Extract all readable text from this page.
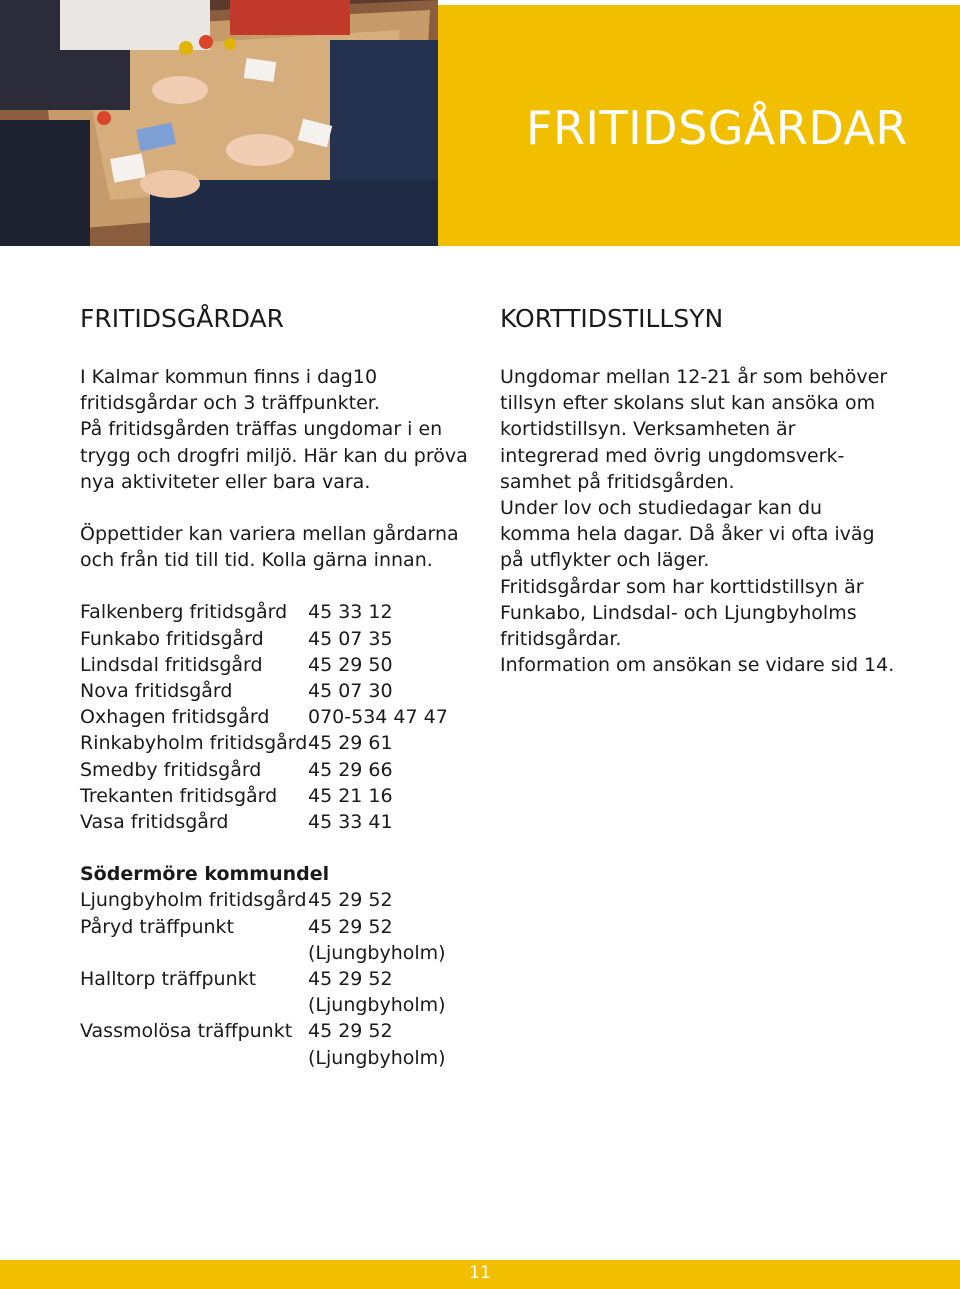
FRITIDSGÅRDAR
FRITIDSGÅRDAR

I Kalmar kommun finns i dag10
fritidsgårdar och 3 träffpunkter.
På fritidsgården träffas ungdomar i en
trygg och drogfri miljö. Här kan du pröva
nya aktiviteter eller bara vara.

Öppettider kan variera mellan gårdarna
och från tid till tid. Kolla gärna innan.

Falkenberg fritidsgård	45 33 12
Funkabo fritidsgård	45 07 35
Lindsdal fritidsgård	45 29 50
Nova fritidsgård	45 07 30
Oxhagen fritidsgård	070-534 47 47
Rinkabyholm fritidsgård	45 29 61
Smedby fritidsgård	45 29 66
Trekanten fritidsgård	45 21 16
Vasa fritidsgård	45 33 41
Södermöre kommundel
Ljungbyholm fritidsgård	45 29 52
Påryd träffpunkt	45 29 52
	(Ljungbyholm)
Halltorp träffpunkt	45 29 52
	(Ljungbyholm)
Vassmolösa träffpunkt	45 29 52
	(Ljungbyholm)
KORTTIDSTILLSYN

Ungdomar mellan 12-21 år som behöver
tillsyn efter skolans slut kan ansöka om
kortidstillsyn. Verksamheten är
integrerad med övrig ungdomsverk-
samhet på fritidsgården.
Under lov och studiedagar kan du
komma hela dagar. Då åker vi ofta iväg
på utflykter och läger.
Fritidsgårdar som har korttidstillsyn är
Funkabo, Lindsdal- och Ljungbyholms
fritidsgårdar.
Information om ansökan se vidare sid 14.

11
